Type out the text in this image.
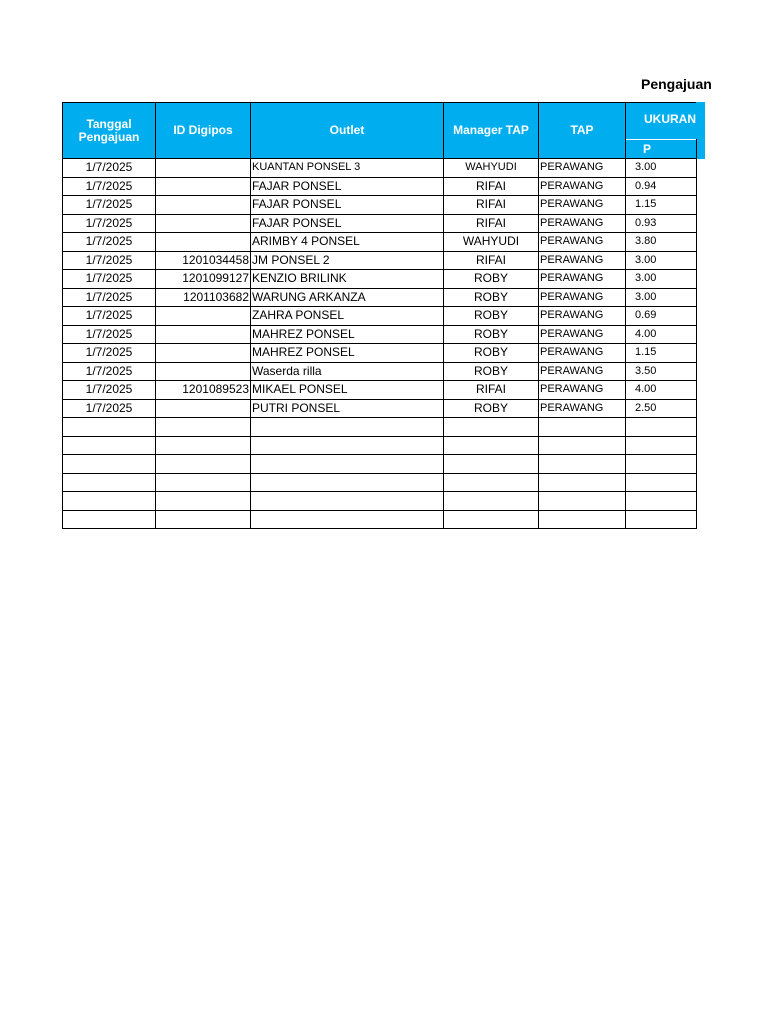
Pengajuan
Tanggal Pengajuan	ID Digipos	Outlet	Manager TAP	TAP	UKURAN
					P
1/7/2025		KUANTAN PONSEL 3	WAHYUDI	PERAWANG	3.00
1/7/2025		FAJAR PONSEL	RIFAI	PERAWANG	0.94
1/7/2025		FAJAR PONSEL	RIFAI	PERAWANG	1.15
1/7/2025		FAJAR PONSEL	RIFAI	PERAWANG	0.93
1/7/2025		ARIMBY 4 PONSEL	WAHYUDI	PERAWANG	3.80
1/7/2025	1201034458	JM PONSEL 2	RIFAI	PERAWANG	3.00
1/7/2025	1201099127	KENZIO BRILINK	ROBY	PERAWANG	3.00
1/7/2025	1201103682	WARUNG ARKANZA	ROBY	PERAWANG	3.00
1/7/2025		ZAHRA PONSEL	ROBY	PERAWANG	0.69
1/7/2025		MAHREZ PONSEL	ROBY	PERAWANG	4.00
1/7/2025		MAHREZ PONSEL	ROBY	PERAWANG	1.15
1/7/2025		Waserda rilla	ROBY	PERAWANG	3.50
1/7/2025	1201089523	MIKAEL PONSEL	RIFAI	PERAWANG	4.00
1/7/2025		PUTRI PONSEL	ROBY	PERAWANG	2.50
